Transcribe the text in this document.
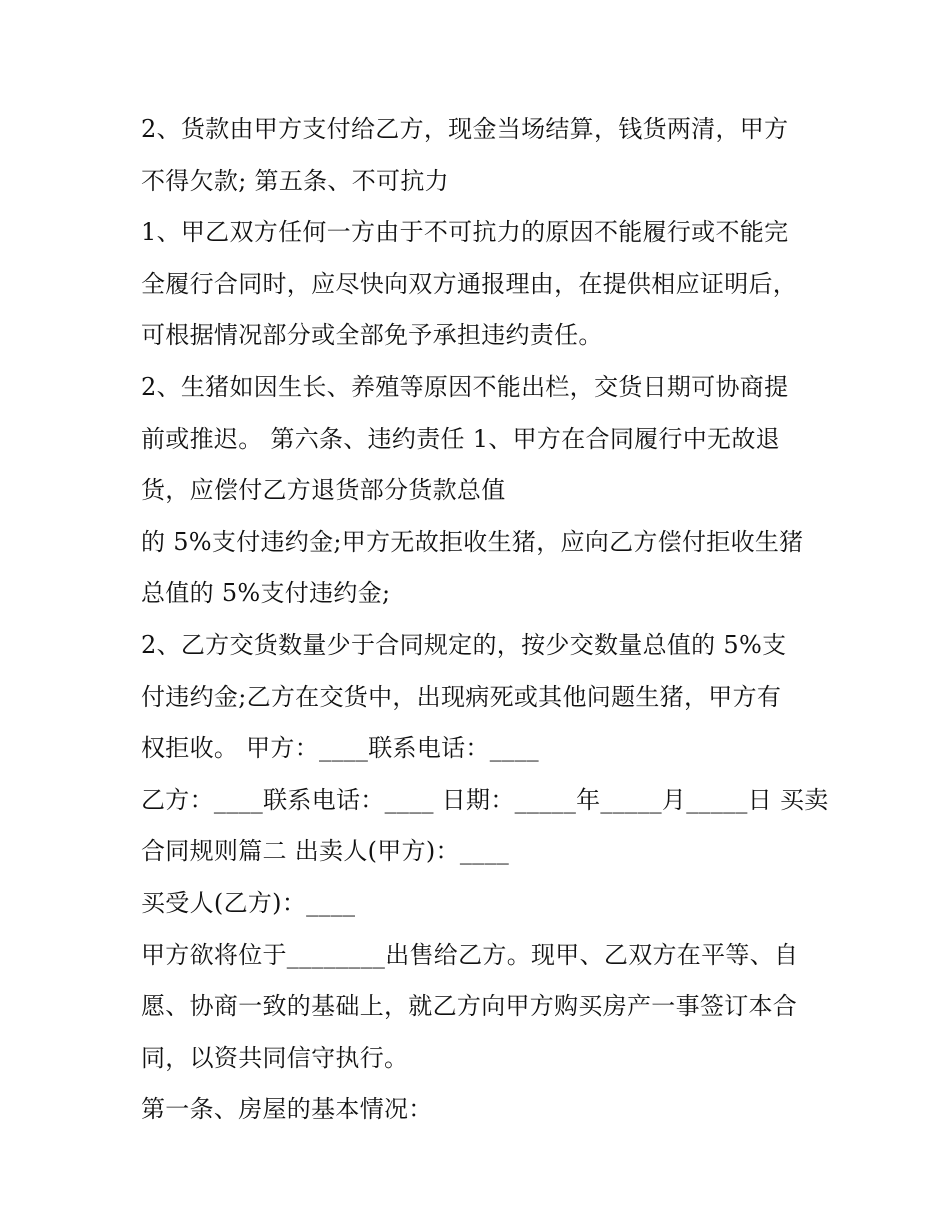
2、货款由甲方支付给乙方，现金当场结算，钱货两清，甲方
不得欠款; 第五条、不可抗力
1、甲乙双方任何一方由于不可抗力的原因不能履行或不能完
全履行合同时，应尽快向双方通报理由，在提供相应证明后，
可根据情况部分或全部免予承担违约责任。
2、生猪如因生长、养殖等原因不能出栏，交货日期可协商提
前或推迟。 第六条、违约责任 1、甲方在合同履行中无故退
货，应偿付乙方退货部分货款总值
的 5%支付违约金;甲方无故拒收生猪，应向乙方偿付拒收生猪
总值的 5%支付违约金;
2、乙方交货数量少于合同规定的，按少交数量总值的 5%支
付违约金;乙方在交货中，出现病死或其他问题生猪，甲方有
权拒收。 甲方：____联系电话：____
乙方：____联系电话：____ 日期：_____年_____月_____日 买卖
合同规则篇二 出卖人(甲方)：____
买受人(乙方)：____
甲方欲将位于________出售给乙方。现甲、乙双方在平等、自
愿、协商一致的基础上，就乙方向甲方购买房产一事签订本合
同，以资共同信守执行。
第一条、房屋的基本情况：
